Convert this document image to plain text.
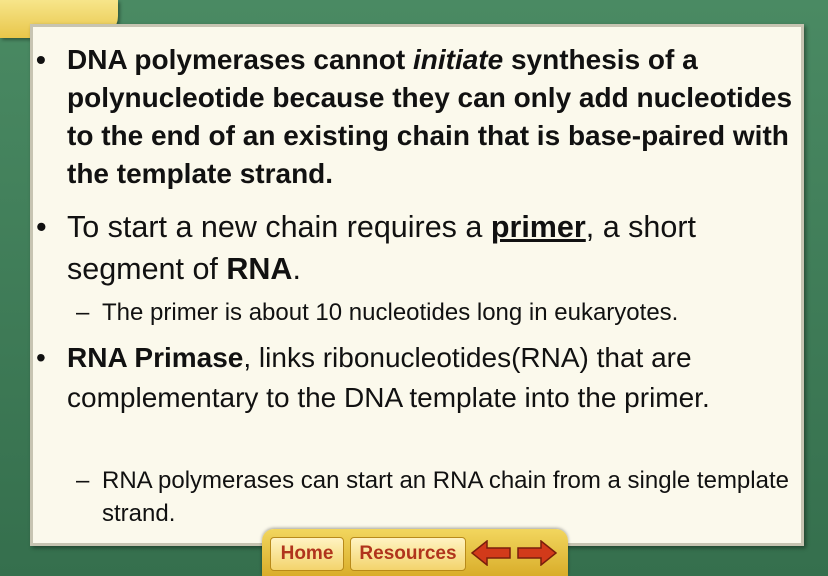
• DNA polymerases cannot initiate synthesis of a polynucleotide because they can only add nucleotides to the end of an existing chain that is base-paired with the template strand.
• To start a new chain requires a primer, a short segment of RNA.
– The primer is about 10 nucleotides long in eukaryotes.
• RNA Primase, links ribonucleotides(RNA) that are complementary to the DNA template into the primer.
– RNA polymerases can start an RNA chain from a single template strand.
Home	Resources
